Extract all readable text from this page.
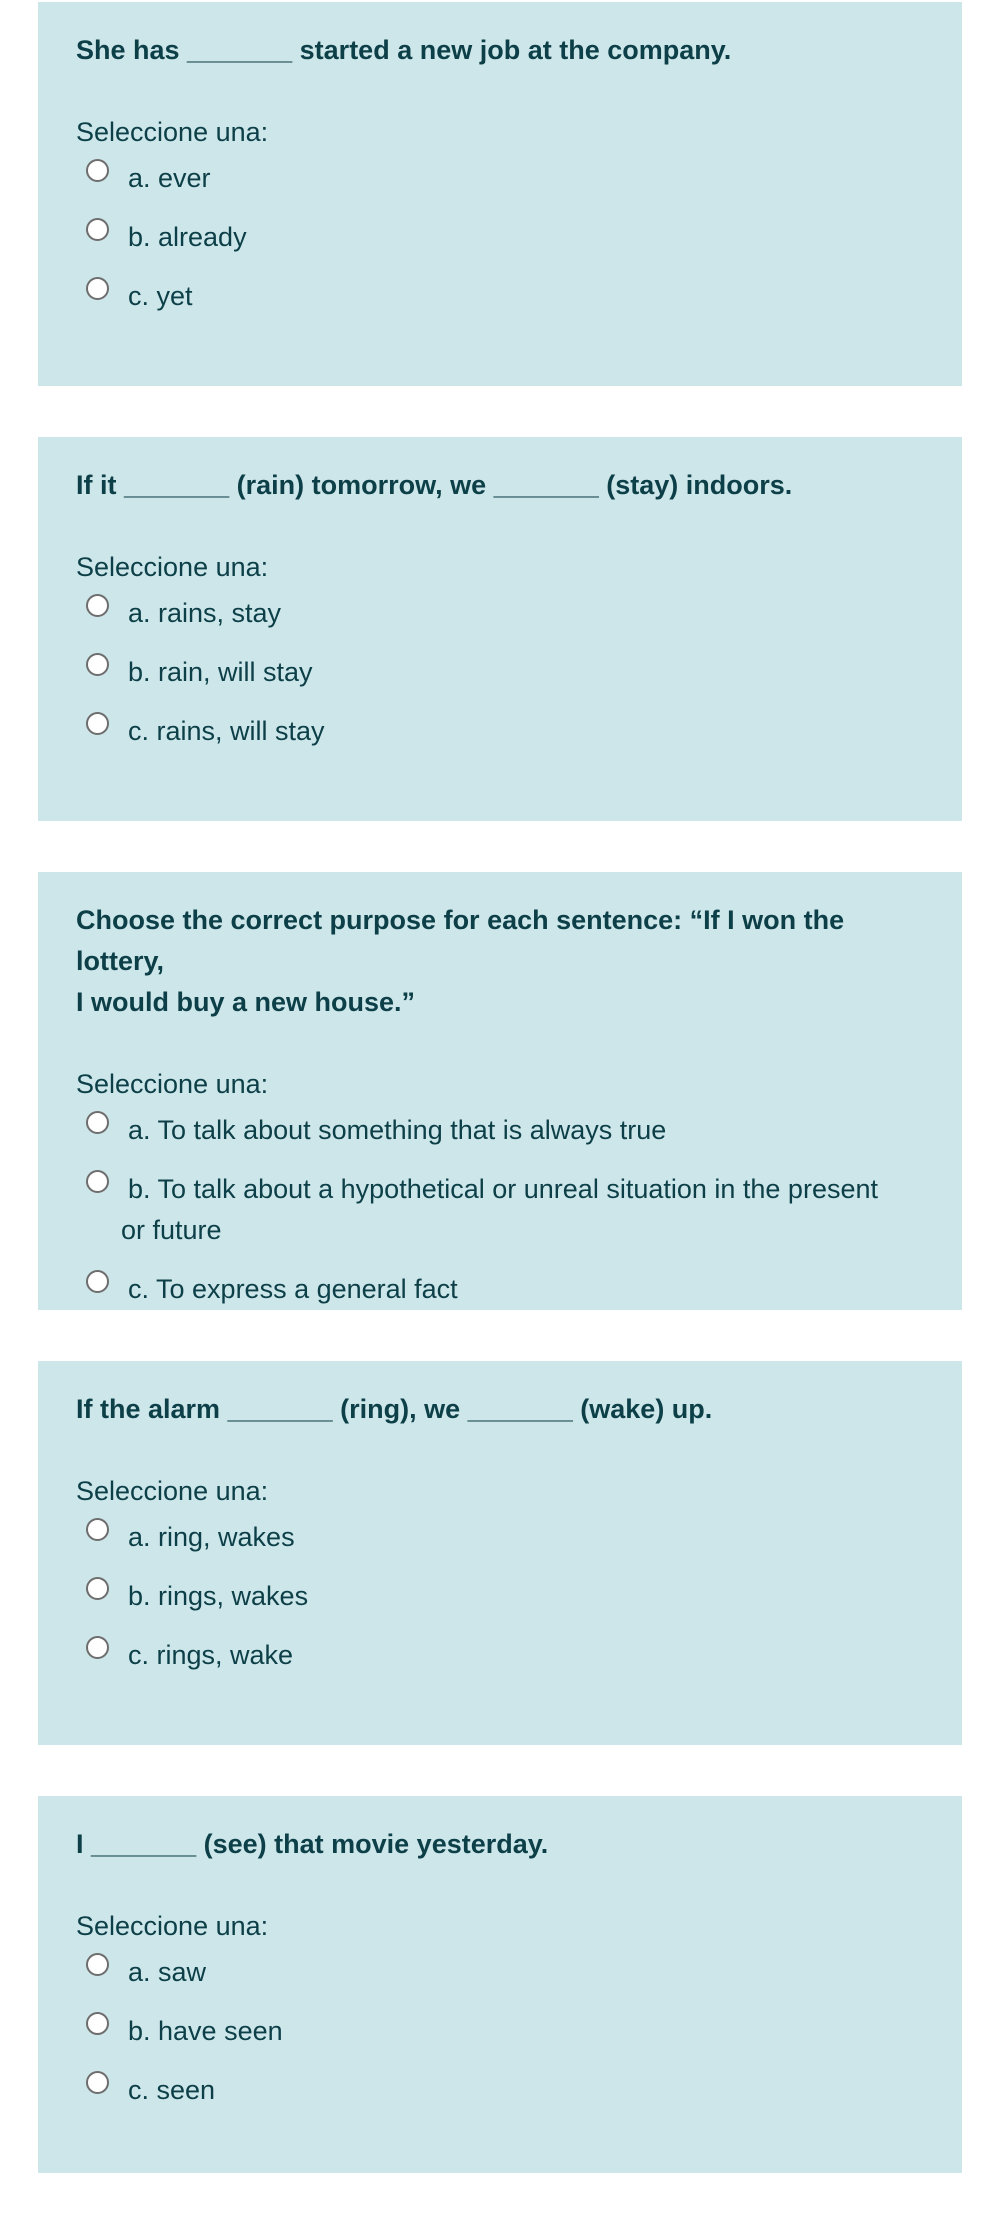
She has _______ started a new job at the company.

Seleccione una:
a. ever
b. already
c. yet

If it _______ (rain) tomorrow, we _______ (stay) indoors.

Seleccione una:
a. rains, stay
b. rain, will stay
c. rains, will stay

Choose the correct purpose for each sentence: “If I won the lottery,
I would buy a new house.”

Seleccione una:
a. To talk about something that is always true
b. To talk about a hypothetical or unreal situation in the present
or future
c. To express a general fact

If the alarm _______ (ring), we _______ (wake) up.

Seleccione una:
a. ring, wakes
b. rings, wakes
c. rings, wake

I _______ (see) that movie yesterday.

Seleccione una:
a. saw
b. have seen
c. seen
